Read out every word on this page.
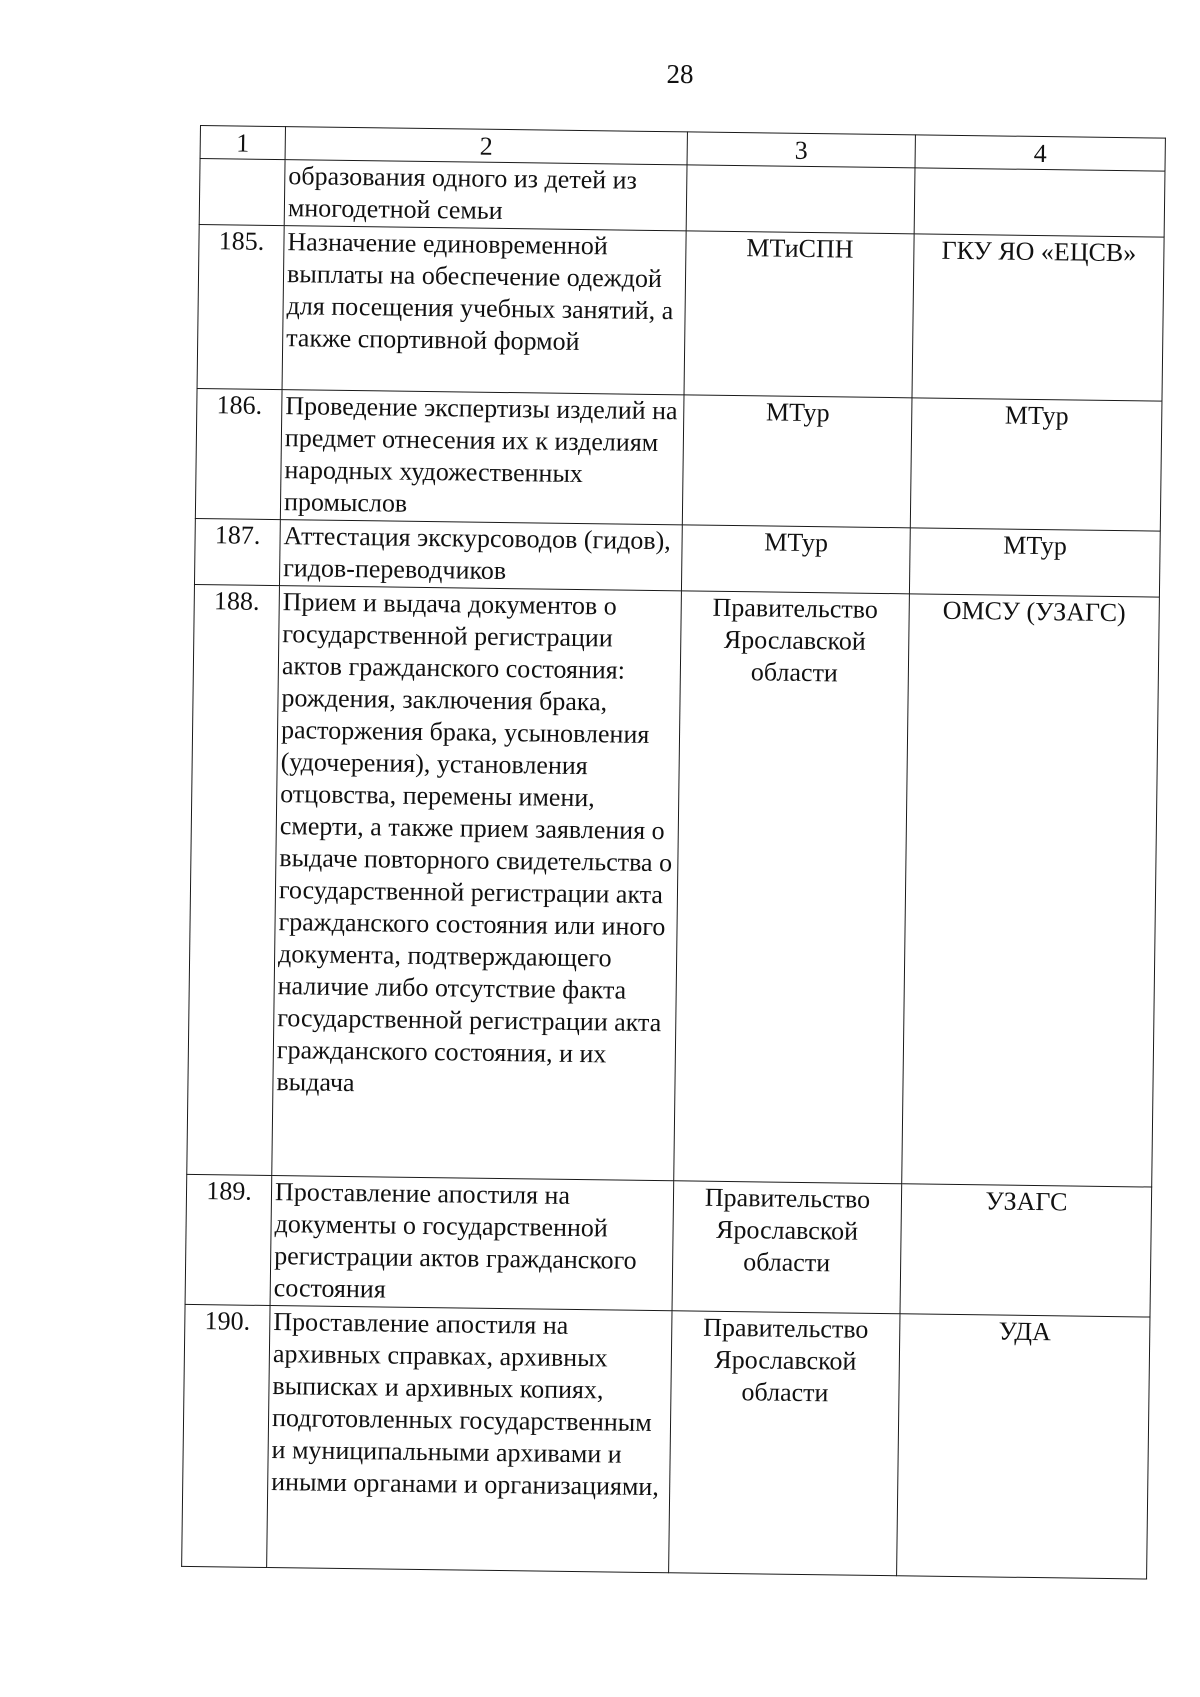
28
1	2	3	4
	образования одного из детей из многодетной семьи		
185.	Назначение единовременной выплаты на обеспечение одеждой для посещения учебных занятий, а также спортивной формой	МТиСПН	ГКУ ЯО «ЕЦСВ»
186.	Проведение экспертизы изделий на предмет отнесения их к изделиям народных художественных промыслов	МТур	МТур
187.	Аттестация экскурсоводов (гидов), гидов-переводчиков	МТур	МТур
188.	Прием и выдача документов о государственной регистрации актов гражданского состояния: рождения, заключения брака, расторжения брака, усыновления (удочерения), установления отцовства, перемены имени, смерти, а также прием заявления о выдаче повторного свидетельства о государственной регистрации акта гражданского состояния или иного документа, подтверждающего наличие либо отсутствие факта государственной регистрации акта гражданского состояния, и их выдача	Правительство Ярославской области	ОМСУ (УЗАГС)
189.	Проставление апостиля на документы о государственной регистрации актов гражданского состояния	Правительство Ярославской области	УЗАГС
190.	Проставление апостиля на архивных справках, архивных выписках и архивных копиях, подготовленных государственным и муниципальными архивами и иными органами и организациями,	Правительство Ярославской области	УДА
